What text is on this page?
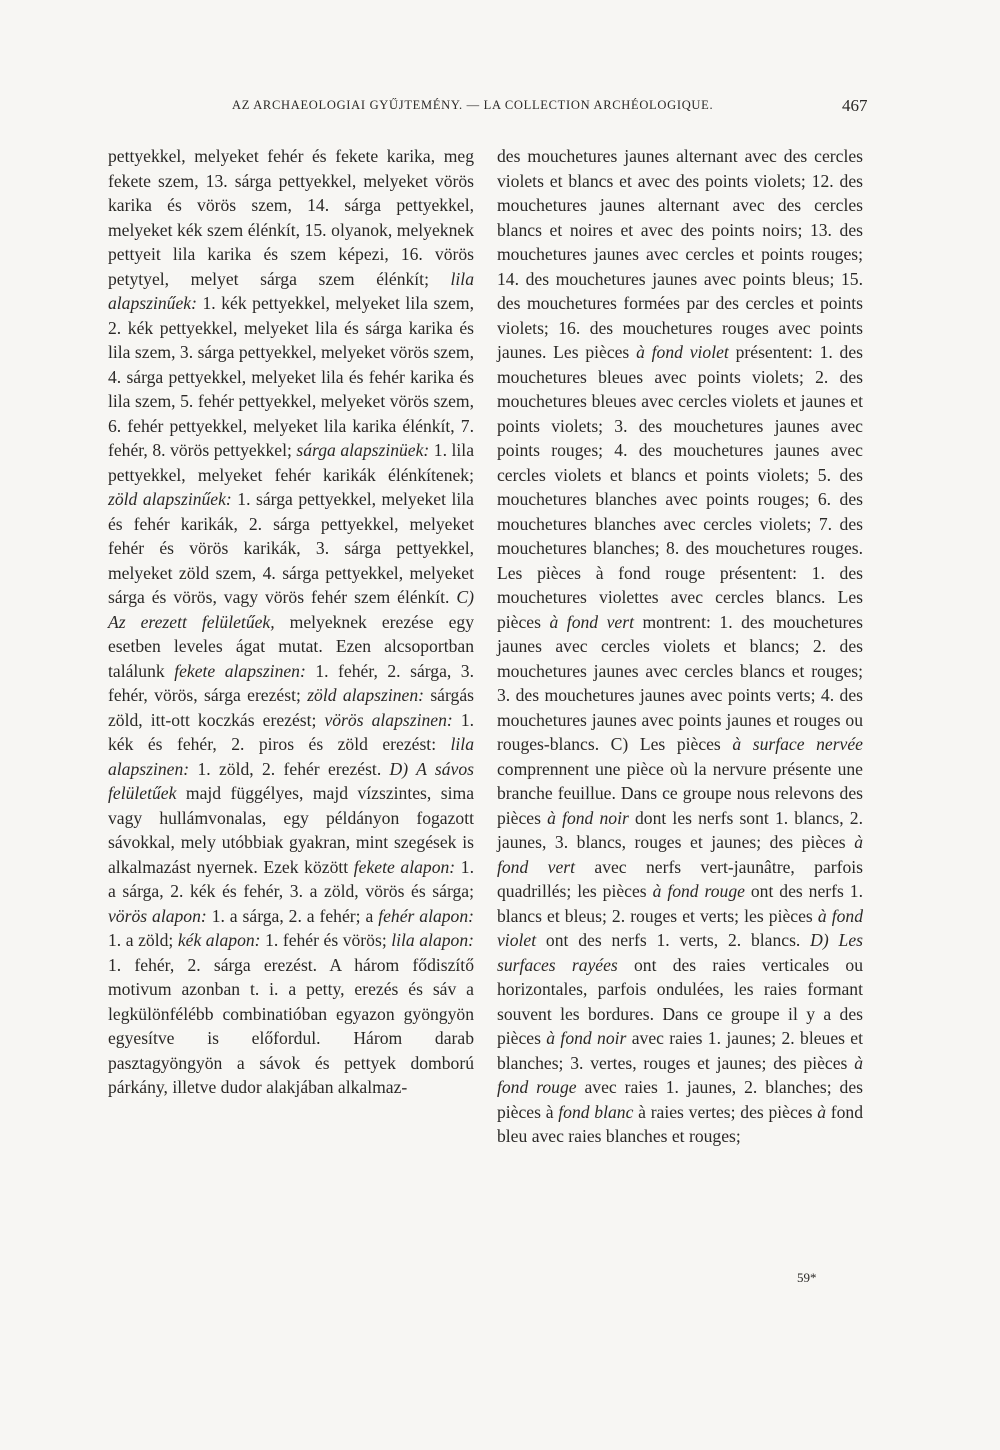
AZ ARCHAEOLOGIAI GYŰJTEMÉNY. — LA COLLECTION ARCHÉOLOGIQUE.	467
pettyekkel, melyeket fehér és fekete karika, meg fekete szem, 13. sárga pettyekkel, melyeket vörös karika és vörös szem, 14. sárga pettyekkel, melyeket kék szem élénkít, 15. olyanok, melyeknek pettyeit lila karika és szem képezi, 16. vörös petytyel, melyet sárga szem élénkít; lila alapszinűek: 1. kék pettyekkel, melyeket lila szem, 2. kék pettyekkel, melyeket lila és sárga karika és lila szem, 3. sárga pettyekkel, melyeket vörös szem, 4. sárga pettyekkel, melyeket lila és fehér karika és lila szem, 5. fehér pettyekkel, melyeket vörös szem, 6. fehér pettyekkel, melyeket lila karika élénkít, 7. fehér, 8. vörös pettyekkel; sárga alapszinüek: 1. lila pettyekkel, melyeket fehér karikák élénkítenek; zöld alapszinűek: 1. sárga pettyekkel, melyeket lila és fehér karikák, 2. sárga pettyekkel, melyeket fehér és vörös karikák, 3. sárga pettyekkel, melyeket zöld szem, 4. sárga pettyekkel, melyeket sárga és vörös, vagy vörös fehér szem élénkít. C) Az erezett felületűek, melyeknek erezése egy esetben leveles ágat mutat. Ezen alcsoportban találunk fekete alapszinen: 1. fehér, 2. sárga, 3. fehér, vörös, sárga erezést; zöld alapszinen: sárgás zöld, itt-ott koczkás erezést; vörös alapszinen: 1. kék és fehér, 2. piros és zöld erezést: lila alapszinen: 1. zöld, 2. fehér erezést. D) A sávos felületűek majd függélyes, majd vízszintes, sima vagy hullámvonalas, egy példányon fogazott sávokkal, mely utóbbiak gyakran, mint szegések is alkalmazást nyernek. Ezek között fekete alapon: 1. a sárga, 2. kék és fehér, 3. a zöld, vörös és sárga; vörös alapon: 1. a sárga, 2. a fehér; a fehér alapon: 1. a zöld; kék alapon: 1. fehér és vörös; lila alapon: 1. fehér, 2. sárga erezést. A három fődiszítő motivum azonban t. i. a petty, erezés és sáv a legkülönfélébb combinatióban egyazon gyöngyön egyesítve is előfordul. Három darab pasztagyöngyön a sávok és pettyek domború párkány, illetve dudor alakjában alkalmaz-
des mouchetures jaunes alternant avec des cercles violets et blancs et avec des points violets; 12. des mouchetures jaunes alternant avec des cercles blancs et noires et avec des points noirs; 13. des mouchetures jaunes avec cercles et points rouges; 14. des mouchetures jaunes avec points bleus; 15. des mouchetures formées par des cercles et points violets; 16. des mouchetures rouges avec points jaunes. Les pièces à fond violet présentent: 1. des mouchetures bleues avec points violets; 2. des mouchetures bleues avec cercles violets et jaunes et points violets; 3. des mouchetures jaunes avec points rouges; 4. des mouchetures jaunes avec cercles violets et blancs et points violets; 5. des mouchetures blanches avec points rouges; 6. des mouchetures blanches avec cercles violets; 7. des mouchetures blanches; 8. des mouchetures rouges. Les pièces à fond rouge présentent: 1. des mouchetures violettes avec cercles blancs. Les pièces à fond vert montrent: 1. des mouchetures jaunes avec cercles violets et blancs; 2. des mouchetures jaunes avec cercles blancs et rouges; 3. des mouchetures jaunes avec points verts; 4. des mouchetures jaunes avec points jaunes et rouges ou rouges-blancs. C) Les pièces à surface nervée comprennent une pièce où la nervure présente une branche feuillue. Dans ce groupe nous relevons des pièces à fond noir dont les nerfs sont 1. blancs, 2. jaunes, 3. blancs, rouges et jaunes; des pièces à fond vert avec nerfs vert-jaunâtre, parfois quadrillés; les pièces à fond rouge ont des nerfs 1. blancs et bleus; 2. rouges et verts; les pièces à fond violet ont des nerfs 1. verts, 2. blancs. D) Les surfaces rayées ont des raies verticales ou horizontales, parfois ondulées, les raies formant souvent les bordures. Dans ce groupe il y a des pièces à fond noir avec raies 1. jaunes; 2. bleues et blanches; 3. vertes, rouges et jaunes; des pièces à fond rouge avec raies 1. jaunes, 2. blanches; des pièces à fond blanc à raies vertes; des pièces à fond bleu avec raies blanches et rouges;
59*
